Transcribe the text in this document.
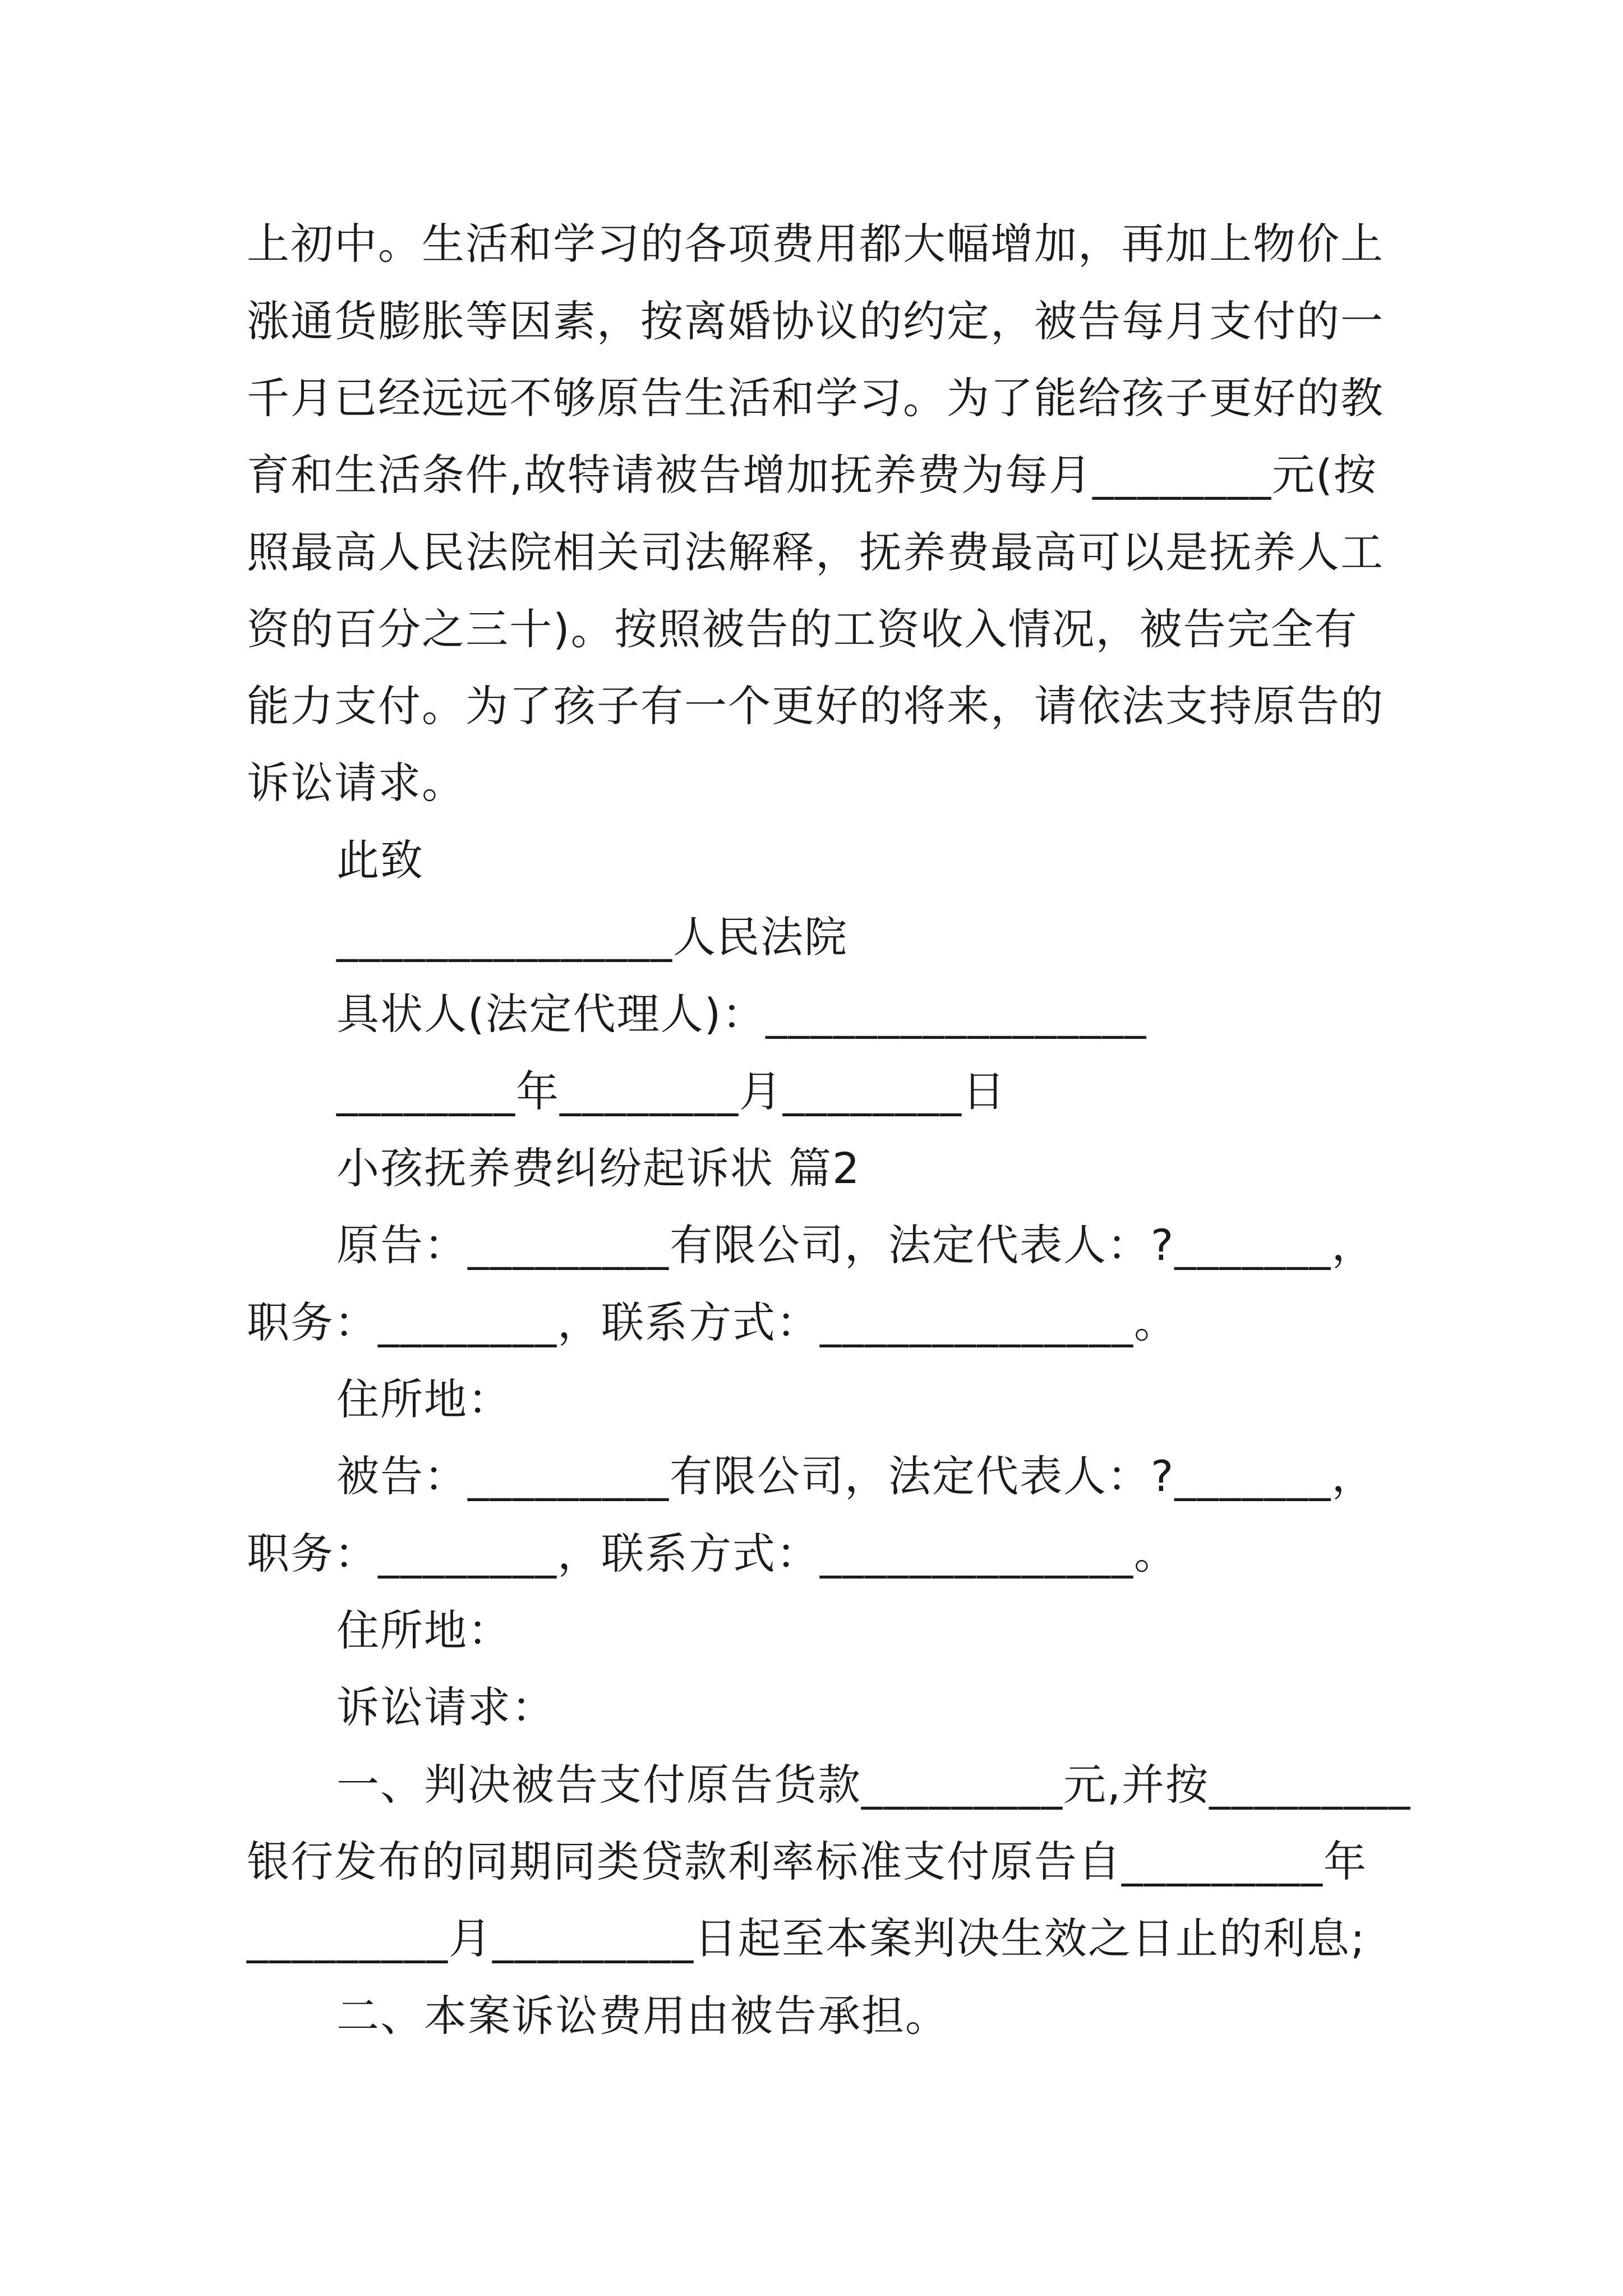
上初中。生活和学习的各项费用都大幅增加，再加上物价上
涨通货膨胀等因素，按离婚协议的约定，被告每月支付的一
千月已经远远不够原告生活和学习。为了能给孩子更好的教
育和生活条件,故特请被告增加抚养费为每月________元(按
照最高人民法院相关司法解释，抚养费最高可以是抚养人工
资的百分之三十)。按照被告的工资收入情况，被告完全有
能力支付。为了孩子有一个更好的将来，请依法支持原告的
诉讼请求。
此致
_______________人民法院
具状人(法定代理人)：_________________
________年________月________日
小孩抚养费纠纷起诉状 篇2
原告：_________有限公司，法定代表人：?_______，
职务：________，联系方式：______________。
住所地：
被告：_________有限公司，法定代表人：?_______，
职务：________，联系方式：______________。
住所地：
诉讼请求：
一、判决被告支付原告货款_________元,并按_________
银行发布的同期同类贷款利率标准支付原告自_________年
_________月_________日起至本案判决生效之日止的利息;
二、本案诉讼费用由被告承担。
